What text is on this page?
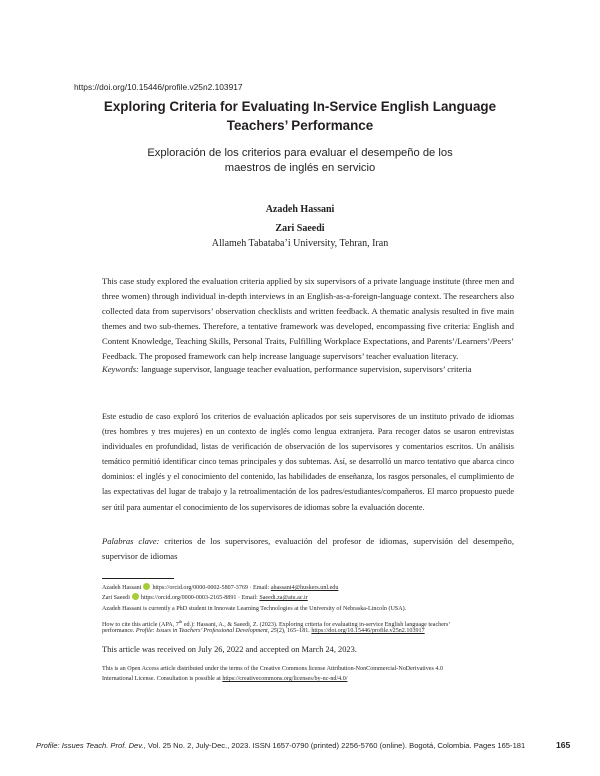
https://doi.org/10.15446/profile.v25n2.103917
Exploring Criteria for Evaluating In-Service English Language Teachers’ Performance
Exploración de los criterios para evaluar el desempeño de los
maestros de inglés en servicio
Azadeh Hassani
Zari Saeedi
Allameh Tabataba’i University, Tehran, Iran
This case study explored the evaluation criteria applied by six supervisors of a private language institute (three men and three women) through individual in-depth interviews in an English-as-a-foreign-language context. The researchers also collected data from supervisors’ observation checklists and written feedback. A thematic analysis resulted in five main themes and two sub-themes. Therefore, a tentative framework was developed, encompassing five criteria: English and Content Knowledge, Teaching Skills, Personal Traits, Fulfilling Workplace Expectations, and Parents’/Learners’/Peers’ Feedback. The proposed framework can help increase language supervisors’ teacher evaluation literacy.
Keywords: language supervisor, language teacher evaluation, performance supervision, supervisors’ criteria
Este estudio de caso exploró los criterios de evaluación aplicados por seis supervisores de un instituto privado de idiomas (tres hombres y tres mujeres) en un contexto de inglés como lengua extranjera. Para recoger datos se usaron entrevistas individuales en profundidad, listas de verificación de observación de los supervisores y comentarios escritos. Un análisis temático permitió identificar cinco temas principales y dos subtemas. Así, se desarrolló un marco tentativo que abarca cinco dominios: el inglés y el conocimiento del contenido, las habilidades de enseñanza, los rasgos personales, el cumplimiento de las expectativas del lugar de trabajo y la retroalimentación de los padres/estudiantes/compañeros. El marco propuesto puede ser útil para aumentar el conocimiento de los supervisores de idiomas sobre la evaluación docente.
Palabras clave: criterios de los supervisores, evaluación del profesor de idiomas, supervisión del desempeño, supervisor de idiomas
Azadeh Hassani https://orcid.org/0000-0002-5807-3769 · Email: ahassani4@huskers.unl.edu
Zari Saeedi https://orcid.org/0000-0003-2165-8891 · Email: Saeedi.za@atu.ac.ir
Azadeh Hassani is currently a PhD student in Innovate Learning Technologies at the University of Nebraska-Lincoln (USA).
How to cite this article (APA, 7th ed.): Hassani, A., & Saeedi, Z. (2023). Exploring criteria for evaluating in-service English language teachers’
performance. Profile: Issues in Teachers’ Professional Development, 25(2), 165–181. https://doi.org/10.15446/profile.v25n2.103917
This article was received on July 26, 2022 and accepted on March 24, 2023.
This is an Open Access article distributed under the terms of the Creative Commons license Attribution-NonCommercial-NoDerivatives 4.0
International License. Consultation is possible at https://creativecommons.org/licenses/by-nc-nd/4.0/
Profile: Issues Teach. Prof. Dev., Vol. 25 No. 2, July-Dec., 2023. ISSN 1657-0790 (printed) 2256-5760 (online). Bogotá, Colombia. Pages 165-181	165
